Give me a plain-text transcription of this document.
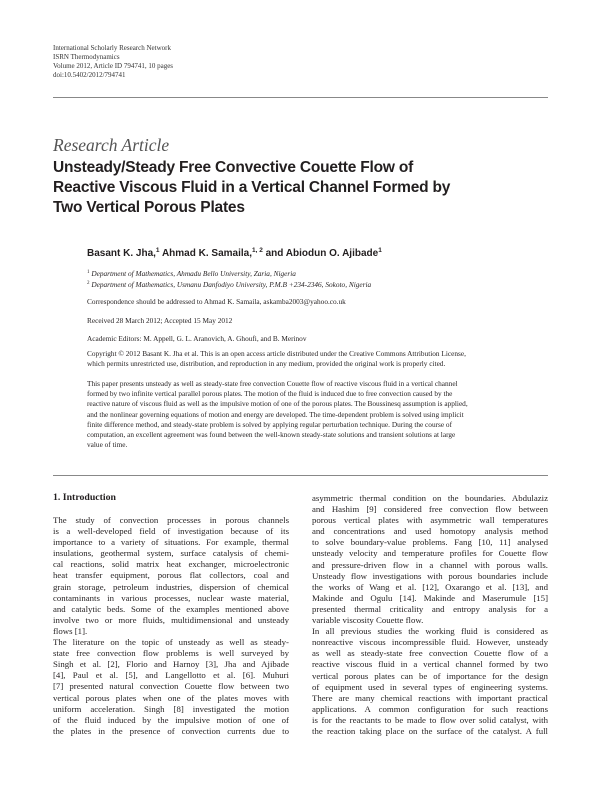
International Scholarly Research Network
ISRN Thermodynamics
Volume 2012, Article ID 794741, 10 pages
doi:10.5402/2012/794741
Research Article
Unsteady/Steady Free Convective Couette Flow of
Reactive Viscous Fluid in a Vertical Channel Formed by
Two Vertical Porous Plates
Basant K. Jha,$^1$ Ahmad K. Samaila,$^{1, 2}$ and Abiodun O. Ajibade$^1$
$^1$ Department of Mathematics, Ahmadu Bello University, Zaria, Nigeria
$^2$ Department of Mathematics, Usmanu Danfodiyo University, P.M.B +234-2346, Sokoto, Nigeria
Correspondence should be addressed to Ahmad K. Samaila, askamba2003@yahoo.co.uk
Received 28 March 2012; Accepted 15 May 2012
Academic Editors: M. Appell, G. L. Aranovich, A. Ghoufi, and B. Merinov
Copyright © 2012 Basant K. Jha et al. This is an open access article distributed under the Creative Commons Attribution License,
which permits unrestricted use, distribution, and reproduction in any medium, provided the original work is properly cited.
This paper presents unsteady as well as steady-state free convection Couette flow of reactive viscous fluid in a vertical channel
formed by two infinite vertical parallel porous plates. The motion of the fluid is induced due to free convection caused by the
reactive nature of viscous fluid as well as the impulsive motion of one of the porous plates. The Boussinesq assumption is applied,
and the nonlinear governing equations of motion and energy are developed. The time-dependent problem is solved using implicit
finite difference method, and steady-state problem is solved by applying regular perturbation technique. During the course of
computation, an excellent agreement was found between the well-known steady-state solutions and transient solutions at large
value of time.
1. Introduction
The study of convection processes in porous channels
is a well-developed field of investigation because of its
importance to a variety of situations. For example, thermal
insulations, geothermal system, surface catalysis of chemi-
cal reactions, solid matrix heat exchanger, microelectronic
heat transfer equipment, porous flat collectors, coal and
grain storage, petroleum industries, dispersion of chemical
contaminants in various processes, nuclear waste material,
and catalytic beds. Some of the examples mentioned above
involve two or more fluids, multidimensional and unsteady
flows [1].
The literature on the topic of unsteady as well as steady-
state free convection flow problems is well surveyed by
Singh et al. [2], Florio and Harnoy [3], Jha and Ajibade
[4], Paul et al. [5], and Langellotto et al. [6]. Muhuri
[7] presented natural convection Couette flow between two
vertical porous plates when one of the plates moves with
uniform acceleration. Singh [8] investigated the motion
of the fluid induced by the impulsive motion of one of
the plates in the presence of convection currents due to
asymmetric thermal condition on the boundaries. Abdulaziz
and Hashim [9] considered free convection flow between
porous vertical plates with asymmetric wall temperatures
and concentrations and used homotopy analysis method
to solve boundary-value problems. Fang [10, 11] analysed
unsteady velocity and temperature profiles for Couette flow
and pressure-driven flow in a channel with porous walls.
Unsteady flow investigations with porous boundaries include
the works of Wang et al. [12], Oxarango et al. [13], and
Makinde and Ogulu [14]. Makinde and Maserumule [15]
presented thermal criticality and entropy analysis for a
variable viscosity Couette flow.
In all previous studies the working fluid is considered as
nonreactive viscous incompressible fluid. However, unsteady
as well as steady-state free convection Couette flow of a
reactive viscous fluid in a vertical channel formed by two
vertical porous plates can be of importance for the design
of equipment used in several types of engineering systems.
There are many chemical reactions with important practical
applications. A common configuration for such reactions
is for the reactants to be made to flow over solid catalyst, with
the reaction taking place on the surface of the catalyst. A full
